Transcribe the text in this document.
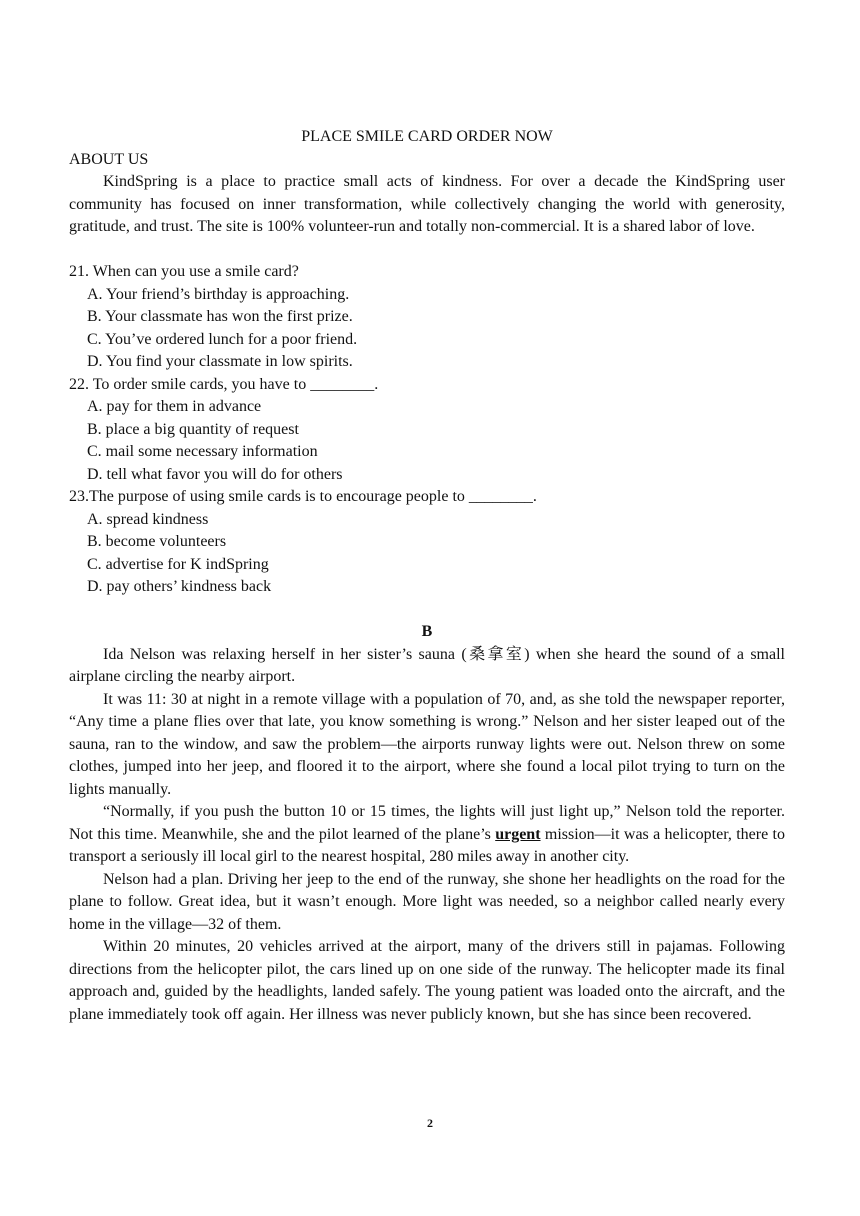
PLACE SMILE CARD ORDER NOW

ABOUT US

KindSpring is a place to practice small acts of kindness. For over a decade the KindSpring user community has focused on inner transformation, while collectively changing the world with generosity, gratitude, and trust. The site is 100% volunteer-run and totally non-commercial. It is a shared labor of love.

21. When can you use a smile card?

A. Your friend’s birthday is approaching.
B. Your classmate has won the first prize.
C. You’ve ordered lunch for a poor friend.
D. You find your classmate in low spirits.

22. To order smile cards, you have to ________.

A. pay for them in advance
B. place a big quantity of request
C. mail some necessary information
D. tell what favor you will do for others

23.The purpose of using smile cards is to encourage people to ________.

A. spread kindness
B. become volunteers
C. advertise for K indSpring
D. pay others’ kindness back

B

Ida Nelson was relaxing herself in her sister’s sauna (桑拿室) when she heard the sound of a small airplane circling the nearby airport.

It was 11: 30 at night in a remote village with a population of 70, and, as she told the newspaper reporter, “Any time a plane flies over that late, you know something is wrong.” Nelson and her sister leaped out of the sauna, ran to the window, and saw the problem—the airports runway lights were out. Nelson threw on some clothes, jumped into her jeep, and floored it to the airport, where she found a local pilot trying to turn on the lights manually.

“Normally, if you push the button 10 or 15 times, the lights will just light up,” Nelson told the reporter. Not this time. Meanwhile, she and the pilot learned of the plane’s urgent mission—it was a helicopter, there to transport a seriously ill local girl to the nearest hospital, 280 miles away in another city.

Nelson had a plan. Driving her jeep to the end of the runway, she shone her headlights on the road for the plane to follow. Great idea, but it wasn’t enough. More light was needed, so a neighbor called nearly every home in the village—32 of them.

Within 20 minutes, 20 vehicles arrived at the airport, many of the drivers still in pajamas. Following directions from the helicopter pilot, the cars lined up on one side of the runway. The helicopter made its final approach and, guided by the headlights, landed safely. The young patient was loaded onto the aircraft, and the plane immediately took off again. Her illness was never publicly known, but she has since been recovered.

2
